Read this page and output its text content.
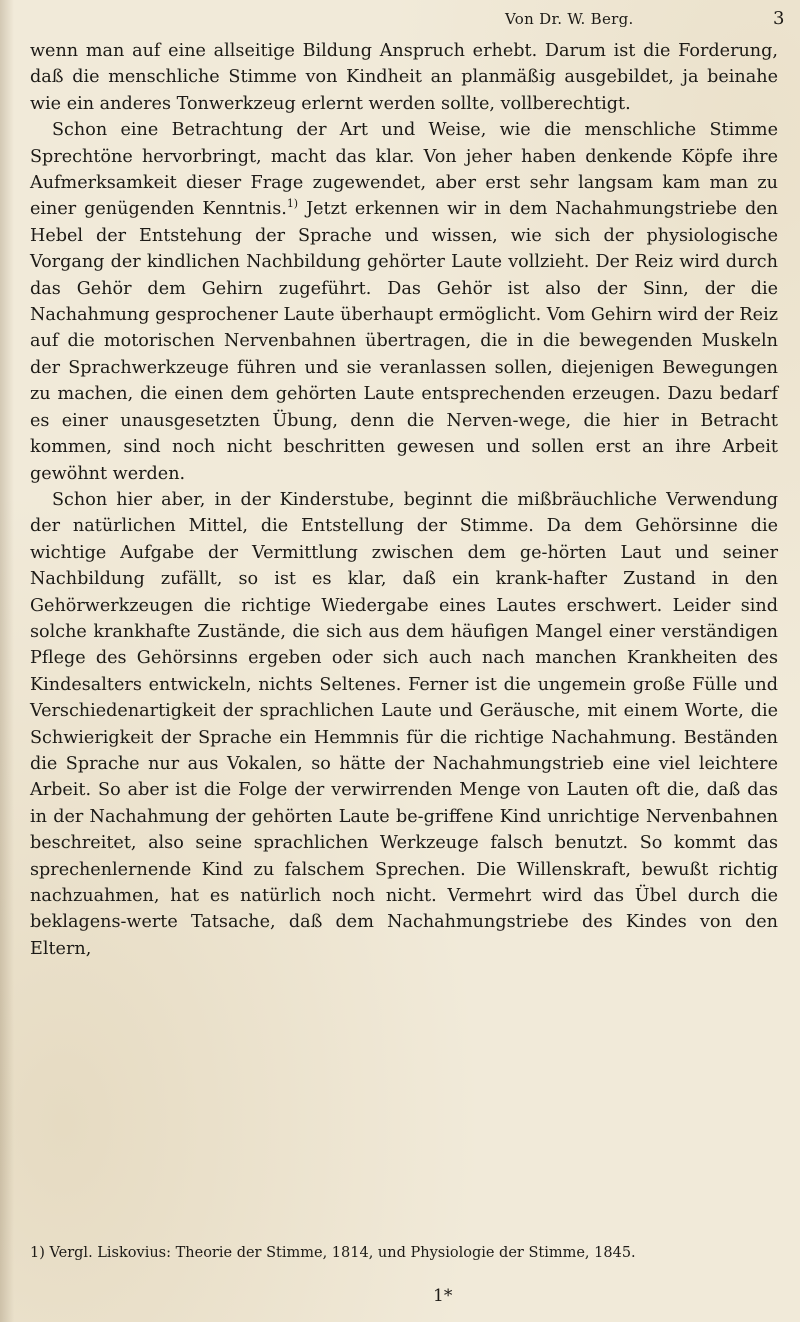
Von Dr. W. Berg.	3

wenn man auf eine allseitige Bildung Anspruch erhebt. Darum ist die Forderung, daß die menschliche Stimme von Kindheit an planmäßig ausgebildet, ja beinahe wie ein anderes Tonwerkzeug erlernt werden sollte, vollberechtigt.

Schon eine Betrachtung der Art und Weise, wie die menschliche Stimme Sprechtöne hervorbringt, macht das klar. Von jeher haben denkende Köpfe ihre Aufmerksamkeit dieser Frage zugewendet, aber erst sehr langsam kam man zu einer genügenden Kenntnis.$^{1)}$ Jetzt erkennen wir in dem Nachahmungstriebe den Hebel der Entstehung der Sprache und wissen, wie sich der physiologische Vorgang der kindlichen Nachbildung gehörter Laute vollzieht. Der Reiz wird durch das Gehör dem Gehirn zugeführt. Das Gehör ist also der Sinn, der die Nachahmung gesprochener Laute überhaupt ermöglicht. Vom Gehirn wird der Reiz auf die motorischen Nervenbahnen übertragen, die in die bewegenden Muskeln der Sprachwerkzeuge führen und sie veranlassen sollen, diejenigen Bewegungen zu machen, die einen dem gehörten Laute entsprechenden erzeugen. Dazu bedarf es einer unausgesetzten Übung, denn die Nerven-wege, die hier in Betracht kommen, sind noch nicht beschritten gewesen und sollen erst an ihre Arbeit gewöhnt werden.

Schon hier aber, in der Kinderstube, beginnt die mißbräuchliche Verwendung der natürlichen Mittel, die Entstellung der Stimme. Da dem Gehörsinne die wichtige Aufgabe der Vermittlung zwischen dem ge-hörten Laut und seiner Nachbildung zufällt, so ist es klar, daß ein krank-hafter Zustand in den Gehörwerkzeugen die richtige Wiedergabe eines Lautes erschwert. Leider sind solche krankhafte Zustände, die sich aus dem häufigen Mangel einer verständigen Pflege des Gehörsinns ergeben oder sich auch nach manchen Krankheiten des Kindesalters entwickeln, nichts Seltenes. Ferner ist die ungemein große Fülle und Verschiedenartigkeit der sprachlichen Laute und Geräusche, mit einem Worte, die Schwierigkeit der Sprache ein Hemmnis für die richtige Nachahmung. Beständen die Sprache nur aus Vokalen, so hätte der Nachahmungstrieb eine viel leichtere Arbeit. So aber ist die Folge der verwirrenden Menge von Lauten oft die, daß das in der Nachahmung der gehörten Laute be-griffene Kind unrichtige Nervenbahnen beschreitet, also seine sprachlichen Werkzeuge falsch benutzt. So kommt das sprechenlernende Kind zu falschem Sprechen. Die Willenskraft, bewußt richtig nachzuahmen, hat es natürlich noch nicht. Vermehrt wird das Übel durch die beklagens-werte Tatsache, daß dem Nachahmungstriebe des Kindes von den Eltern,

1) Vergl. Liskovius: Theorie der Stimme, 1814, und Physiologie der Stimme, 1845.
1*
